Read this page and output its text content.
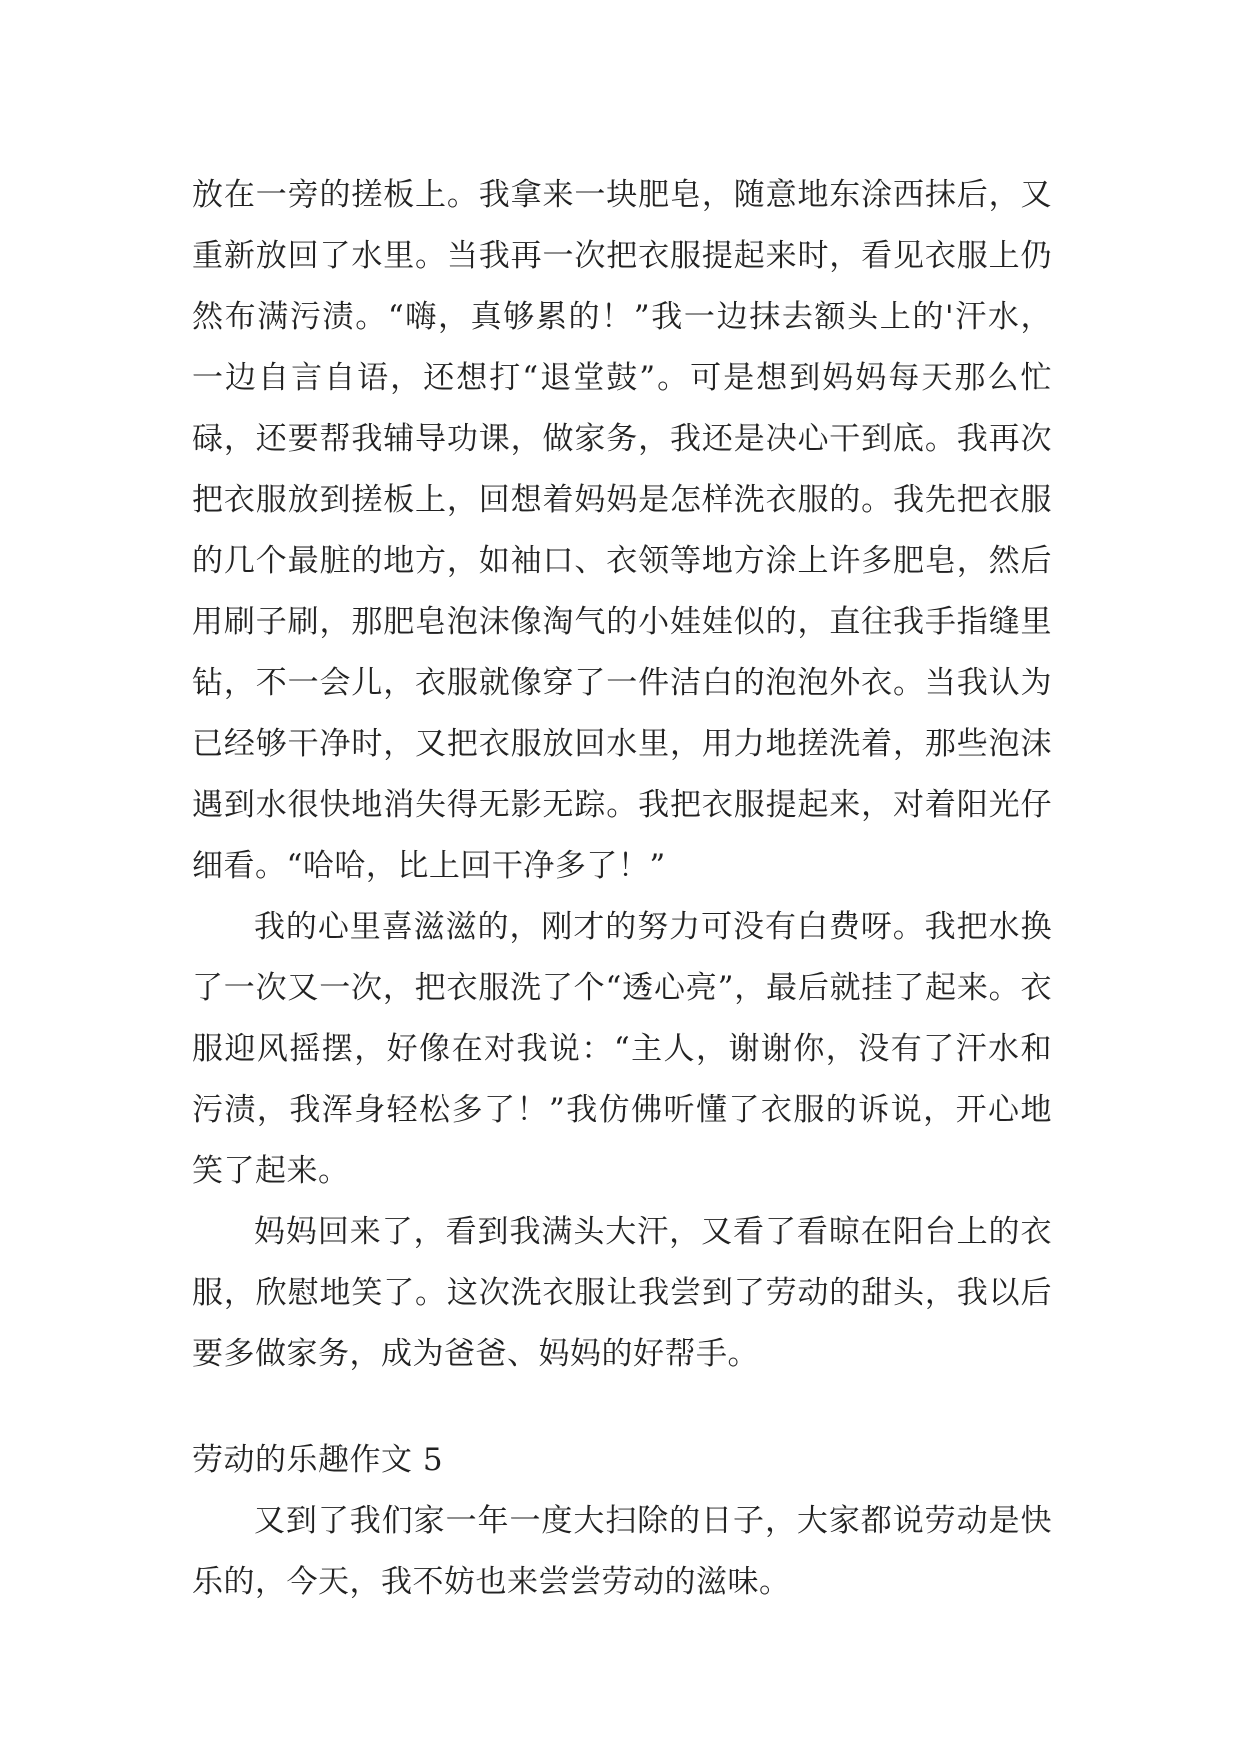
放在一旁的搓板上。我拿来一块肥皂，随意地东涂西抹后，又重新放回了水里。当我再一次把衣服提起来时，看见衣服上仍然布满污渍。“嗨，真够累的！”我一边抹去额头上的'汗水，一边自言自语，还想打“退堂鼓”。可是想到妈妈每天那么忙碌，还要帮我辅导功课，做家务，我还是决心干到底。我再次把衣服放到搓板上，回想着妈妈是怎样洗衣服的。我先把衣服的几个最脏的地方，如袖口、衣领等地方涂上许多肥皂，然后用刷子刷，那肥皂泡沫像淘气的小娃娃似的，直往我手指缝里钻，不一会儿，衣服就像穿了一件洁白的泡泡外衣。当我认为已经够干净时，又把衣服放回水里，用力地搓洗着，那些泡沫遇到水很快地消失得无影无踪。我把衣服提起来，对着阳光仔细看。“哈哈，比上回干净多了！”

我的心里喜滋滋的，刚才的努力可没有白费呀。我把水换了一次又一次，把衣服洗了个“透心亮”，最后就挂了起来。衣服迎风摇摆，好像在对我说：“主人，谢谢你，没有了汗水和污渍，我浑身轻松多了！”我仿佛听懂了衣服的诉说，开心地笑了起来。

妈妈回来了，看到我满头大汗，又看了看晾在阳台上的衣服，欣慰地笑了。这次洗衣服让我尝到了劳动的甜头，我以后要多做家务，成为爸爸、妈妈的好帮手。

劳动的乐趣作文 5

又到了我们家一年一度大扫除的日子，大家都说劳动是快乐的，今天，我不妨也来尝尝劳动的滋味。
